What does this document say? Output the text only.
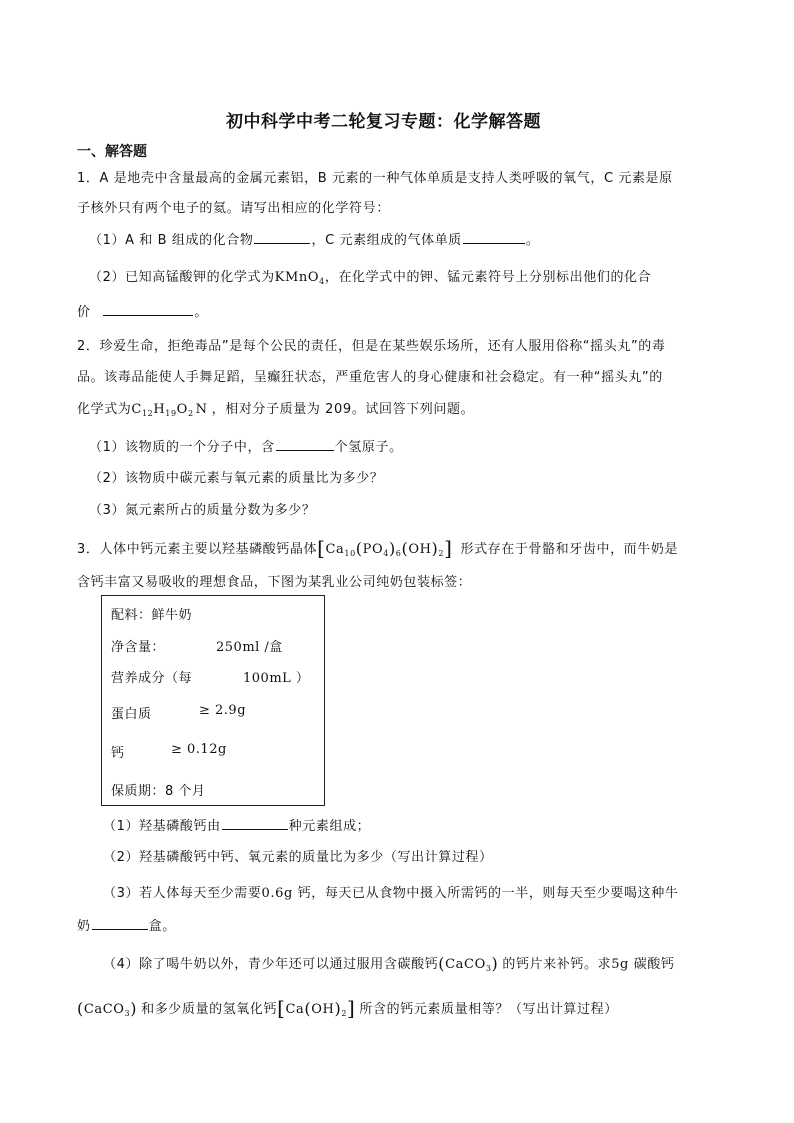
初中科学中考二轮复习专题：化学解答题
一、解答题
1．A 是地壳中含量最高的金属元素铝，B 元素的一种气体单质是支持人类呼吸的氧气，C 元素是原
子核外只有两个电子的氦。请写出相应的化学符号：
（1）A 和 B 组成的化合物	，C 元素组成的气体单质	。
（2）已知高锰酸钾的化学式为KMnO$_4$，在化学式中的钾、锰元素符号上分别标出他们的化合
价	。
2．珍爱生命，拒绝毒品”是每个公民的责任，但是在某些娱乐场所，还有人服用俗称“摇头丸”的毒
品。该毒品能使人手舞足蹈，呈癫狂状态，严重危害人的身心健康和社会稳定。有一种“摇头丸”的
化学式为$C_{12}H_{19}O_2$ N ，相对分子质量为 209。试回答下列问题。
（1）该物质的一个分子中，含	个氢原子。
（2）该物质中碳元素与氧元素的质量比为多少？
（3）氮元素所占的质量分数为多少？
3．人体中钙元素主要以羟基磷酸钙晶体$[Ca_{10}(PO_4)_6(OH)_2]$ 形式存在于骨骼和牙齿中，而牛奶是
含钙丰富又易吸收的理想食品，下图为某乳业公司纯奶包装标签：
配料：鲜牛奶
净含量：	250ml /盒
营养成分（每	100mL ）
蛋白质	≥ 2.9g
钙	≥ 0.12g
保质期：8 个月
（1）羟基磷酸钙由	种元素组成；
（2）羟基磷酸钙中钙、氧元素的质量比为多少（写出计算过程）
（3）若人体每天至少需要0.6g 钙，每天已从食物中摄入所需钙的一半，则每天至少要喝这种牛
奶	盒。
（4）除了喝牛奶以外，青少年还可以通过服用含碳酸钙(CaCO$_3$) 的钙片来补钙。求5g 碳酸钙
(CaCO$_3$) 和多少质量的氢氧化钙$[Ca(OH)_2]$ 所含的钙元素质量相等？（写出计算过程）
